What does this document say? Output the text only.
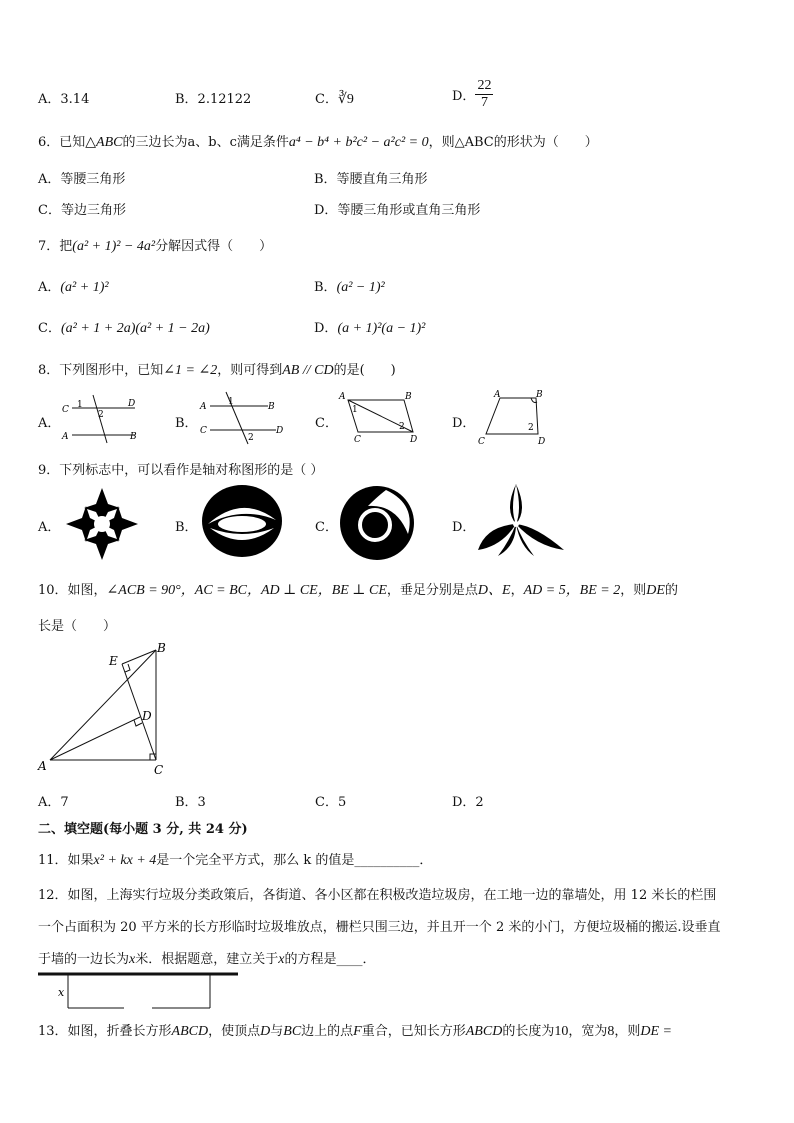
A．3.14	B．2.12122	C．∛9	D． $\frac{22}{7}$
6．已知△ABC的三边长为a、b、c满足条件a⁴ − b⁴ + b²c² − a²c² = 0，则△ABC的形状为（　　）
A．等腰三角形	B．等腰直角三角形
C．等边三角形	D．等腰三角形或直角三角形
7．把(a² + 1)² − 4a²分解因式得（　　）
A．(a² + 1)²	B．(a² − 1)²
C．(a² + 1 + 2a)(a² + 1 − 2a)	D．(a + 1)²(a − 1)²
8．下列图形中，已知∠1 = ∠2，则可得到AB // CD的是(　　)
A．
C
D
A	B
1
2
B．
A	B
C	D
1
2
C．
A	B
C	D
1
2	D．
A	B
C	D
2
9．下列标志中，可以看作是轴对称图形的是（ ）
A．	B．	C．	D．
10．如图，∠ACB = 90°，AC = BC，AD ⊥ CE，BE ⊥ CE，垂足分别是点D、E，AD = 5，BE = 2，则DE的
长是（　　）
A
B
C
D
E
A．7	B．3	C．5	D．2
二、填空题(每小题 3 分, 共 24 分)
11．如果x² + kx + 4是一个完全平方式，那么 k 的值是__________．
12．如图，上海实行垃圾分类政策后，各街道、各小区都在积极改造垃圾房，在工地一边的靠墙处，用 12 米长的栏围
一个占面积为 20 平方米的长方形临时垃圾堆放点，栅栏只围三边，并且开一个 2 米的小门，方便垃圾桶的搬运.设垂直
于墙的一边长为x米．根据题意，建立关于x的方程是____．
x
13．如图，折叠长方形ABCD，使顶点D与BC边上的点F重合，已知长方形ABCD的长度为10，宽为8，则DE =
